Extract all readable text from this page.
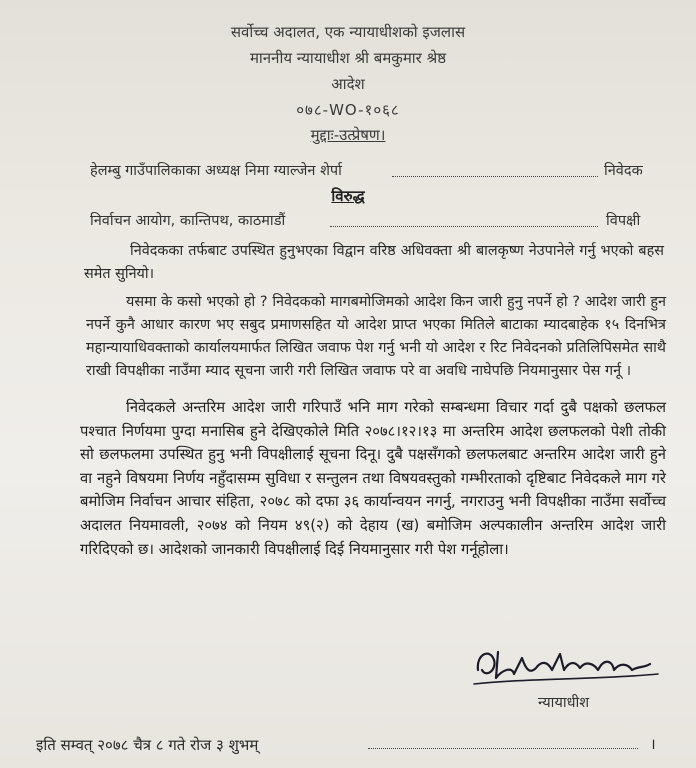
सर्वोच्च अदालत, एक न्यायाधीशको इजलास
माननीय न्यायाधीश श्री बमकुमार श्रेष्ठ
आदेश
०७८-WO-१०६८
मुद्दाः-उत्प्रेषण।
हेलम्बु गाउँपालिकाका अध्यक्ष निमा ग्याल्जेन शेर्पा	निवेदक
विरुद्ध
निर्वाचन आयोग, कान्तिपथ, काठमाडौं	विपक्षी
निवेदकका तर्फबाट उपस्थित हुनुभएका विद्वान वरिष्ठ अधिवक्ता श्री बालकृष्ण नेउपानेले गर्नु भएको बहस समेत सुनियो।
यसमा के कसो भएको हो ? निवेदकको मागबमोजिमको आदेश किन जारी हुनु नपर्ने हो ? आदेश जारी हुन नपर्ने कुनै आधार कारण भए सबुद प्रमाणसहित यो आदेश प्राप्त भएका मितिले बाटाका म्यादबाहेक १५ दिनभित्र महान्यायाधिवक्ताको कार्यालयमार्फत लिखित जवाफ पेश गर्नु भनी यो आदेश र रिट निवेदनको प्रतिलिपिसमेत साथै राखी विपक्षीका नाउँमा म्याद सूचना जारी गरी लिखित जवाफ परे वा अवधि नाघेपछि नियमानुसार पेस गर्नू ।
निवेदकले अन्तरिम आदेश जारी गरिपाउँ भनि माग गरेको सम्बन्धमा विचार गर्दा दुबै पक्षको छलफल पश्चात निर्णयमा पुग्दा मनासिब हुने देखिएकोले मिति २०७८।१२।१३ मा अन्तरिम आदेश छलफलको पेशी तोकी सो छलफलमा उपस्थित हुनु भनी विपक्षीलाई सूचना दिनू। दुबै पक्षसँगको छलफलबाट अन्तरिम आदेश जारी हुने वा नहुने विषयमा निर्णय नहुँदासम्म सुविधा र सन्तुलन तथा विषयवस्तुको गम्भीरताको दृष्टिबाट निवेदकले माग गरे बमोजिम निर्वाचन आचार संहिता, २०७८ को दफा ३६ कार्यान्वयन नगर्नु, नगराउनु भनी विपक्षीका नाउँमा सर्वोच्च अदालत नियमावली, २०७४ को नियम ४९(२) को देहाय (ख) बमोजिम अल्पकालीन अन्तरिम आदेश जारी गरिदिएको छ। आदेशको जानकारी विपक्षीलाई दिई नियमानुसार गरी पेश गर्नूहोला।
न्यायाधीश
इति सम्वत् २०७८ चैत्र ८ गते रोज ३ शुभम्	।
